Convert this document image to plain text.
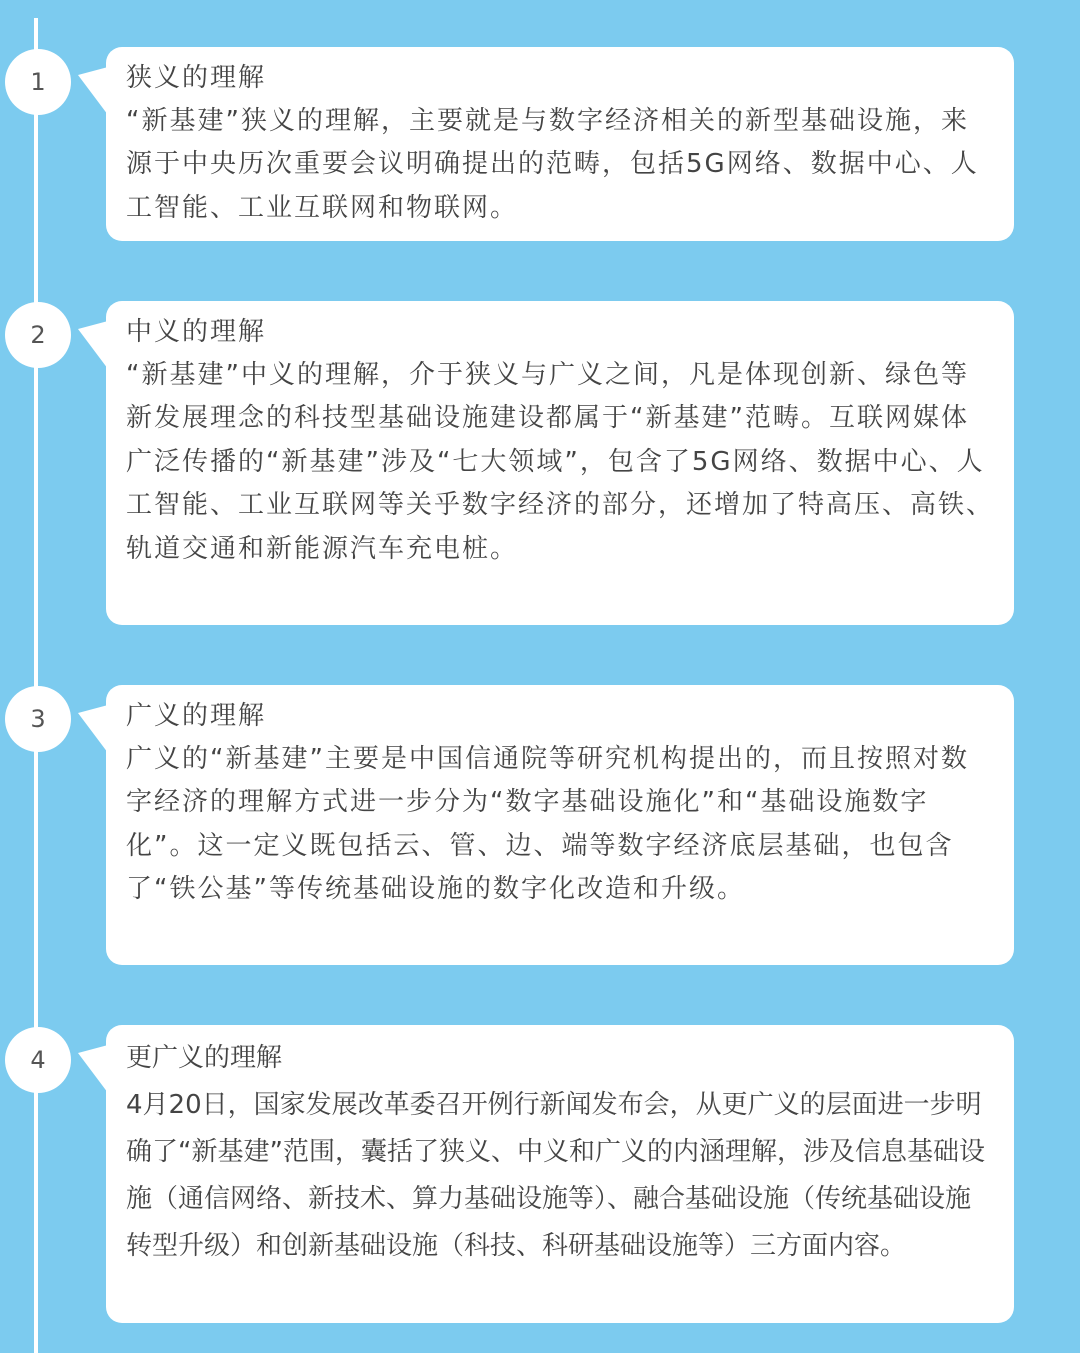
1	狭义的理解
“新基建”狭义的理解，主要就是与数字经济相关的新型基础设施，来源于中央历次重要会议明确提出的范畴，包括5G网络、数据中心、人工智能、工业互联网和物联网。
2	中义的理解
“新基建”中义的理解，介于狭义与广义之间，凡是体现创新、绿色等新发展理念的科技型基础设施建设都属于“新基建”范畴。互联网媒体广泛传播的“新基建”涉及“七大领域”，包含了5G网络、数据中心、人工智能、工业互联网等关乎数字经济的部分，还增加了特高压、高铁、轨道交通和新能源汽车充电桩。
3	广义的理解
广义的“新基建”主要是中国信通院等研究机构提出的，而且按照对数字经济的理解方式进一步分为“数字基础设施化”和“基础设施数字化”。这一定义既包括云、管、边、端等数字经济底层基础，也包含了“铁公基”等传统基础设施的数字化改造和升级。
4	更广义的理解
4月20日，国家发展改革委召开例行新闻发布会，从更广义的层面进一步明确了“新基建”范围，囊括了狭义、中义和广义的内涵理解，涉及信息基础设施（通信网络、新技术、算力基础设施等）、融合基础设施（传统基础设施转型升级）和创新基础设施（科技、科研基础设施等）三方面内容。
